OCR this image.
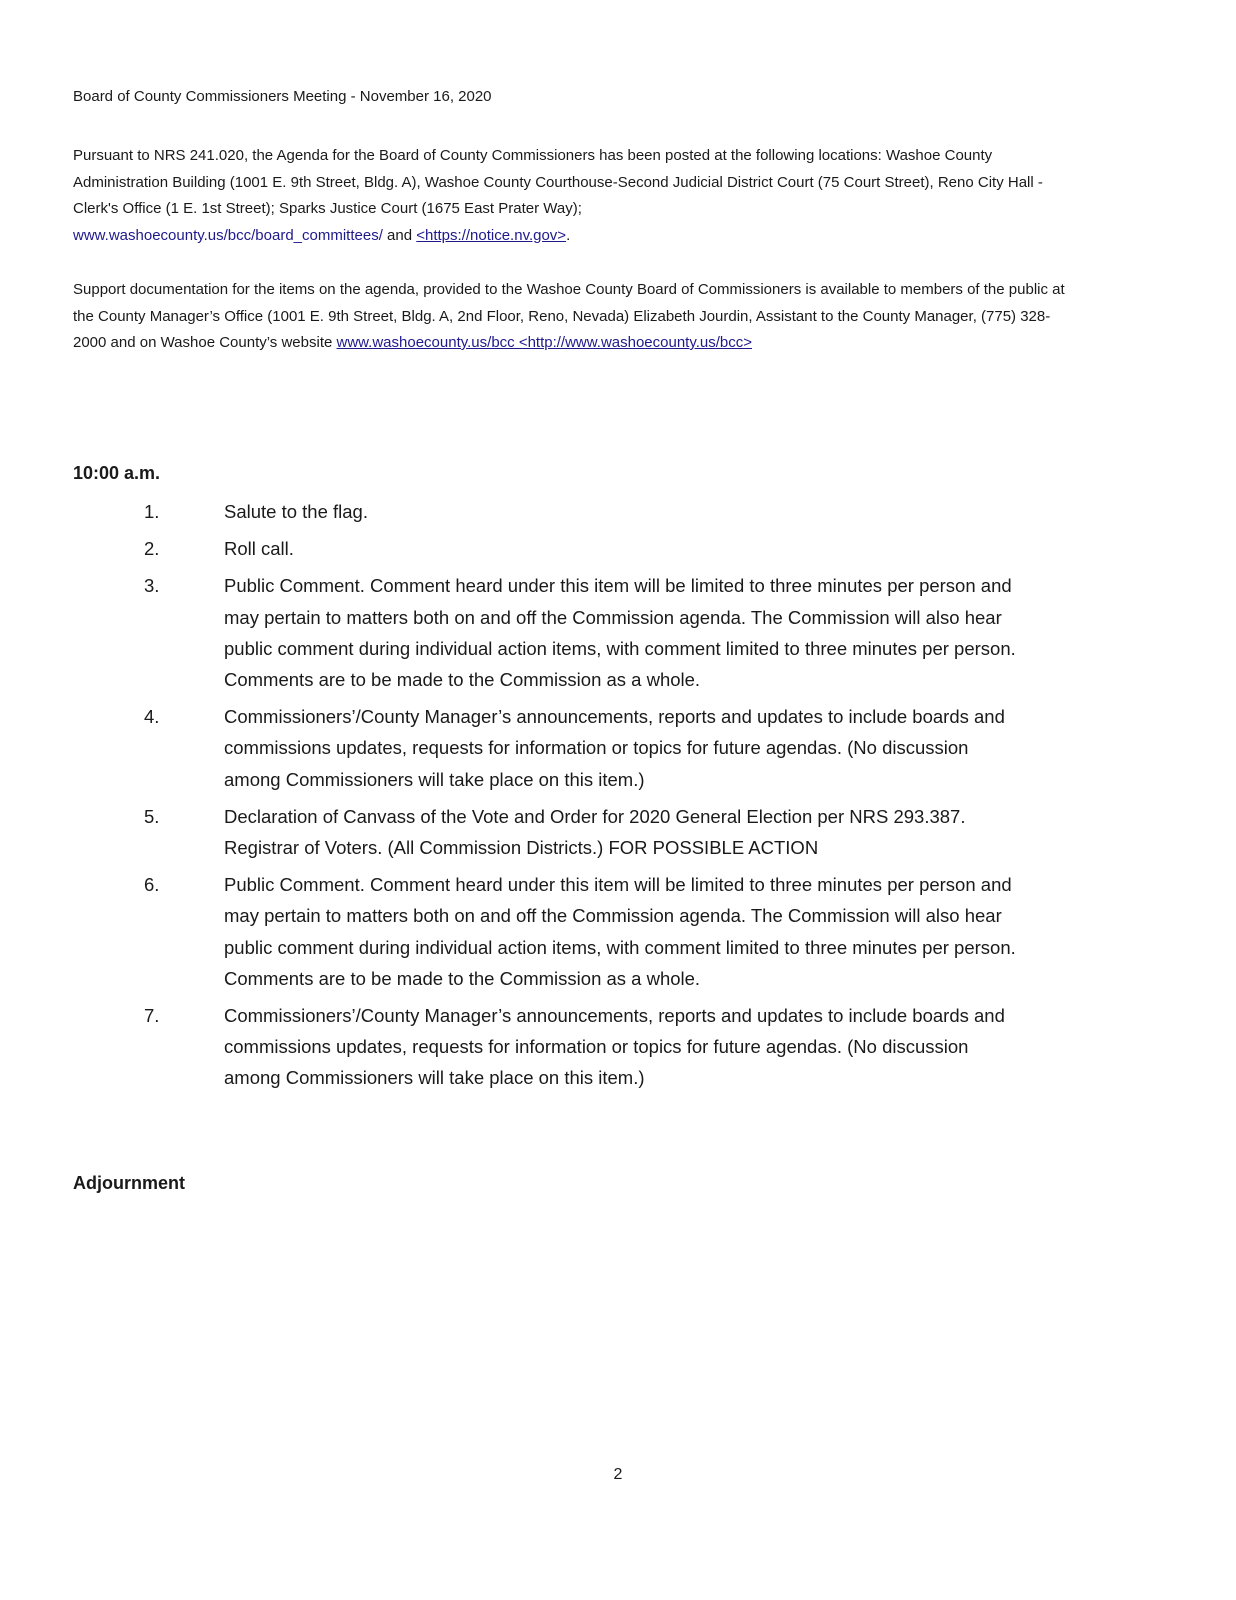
Board of County Commissioners Meeting - November 16, 2020
Pursuant to NRS 241.020, the Agenda for the Board of County Commissioners has been posted at the following locations: Washoe County Administration Building (1001 E. 9th Street, Bldg. A), Washoe County Courthouse-Second Judicial District Court (75 Court Street), Reno City Hall - Clerk's Office (1 E. 1st Street); Sparks Justice Court (1675 East Prater Way);
www.washoecounty.us/bcc/board_committees/ and <https://notice.nv.gov>.
Support documentation for the items on the agenda, provided to the Washoe County Board of Commissioners is available to members of the public at the County Manager’s Office (1001 E. 9th Street, Bldg. A, 2nd Floor, Reno, Nevada) Elizabeth Jourdin, Assistant to the County Manager, (775) 328-2000 and on Washoe County’s website www.washoecounty.us/bcc <http://www.washoecounty.us/bcc>
10:00 a.m.
1.	Salute to the flag.
2.	Roll call.
3.	Public Comment. Comment heard under this item will be limited to three minutes per person and may pertain to matters both on and off the Commission agenda. The Commission will also hear public comment during individual action items, with comment limited to three minutes per person. Comments are to be made to the Commission as a whole.
4.	Commissioners’/County Manager’s announcements, reports and updates to include boards and commissions updates, requests for information or topics for future agendas. (No discussion among Commissioners will take place on this item.)
5.	Declaration of Canvass of the Vote and Order for 2020 General Election per NRS 293.387. Registrar of Voters. (All Commission Districts.) FOR POSSIBLE ACTION
6.	Public Comment. Comment heard under this item will be limited to three minutes per person and may pertain to matters both on and off the Commission agenda. The Commission will also hear public comment during individual action items, with comment limited to three minutes per person. Comments are to be made to the Commission as a whole.
7.	Commissioners’/County Manager’s announcements, reports and updates to include boards and commissions updates, requests for information or topics for future agendas. (No discussion among Commissioners will take place on this item.)
Adjournment
2
